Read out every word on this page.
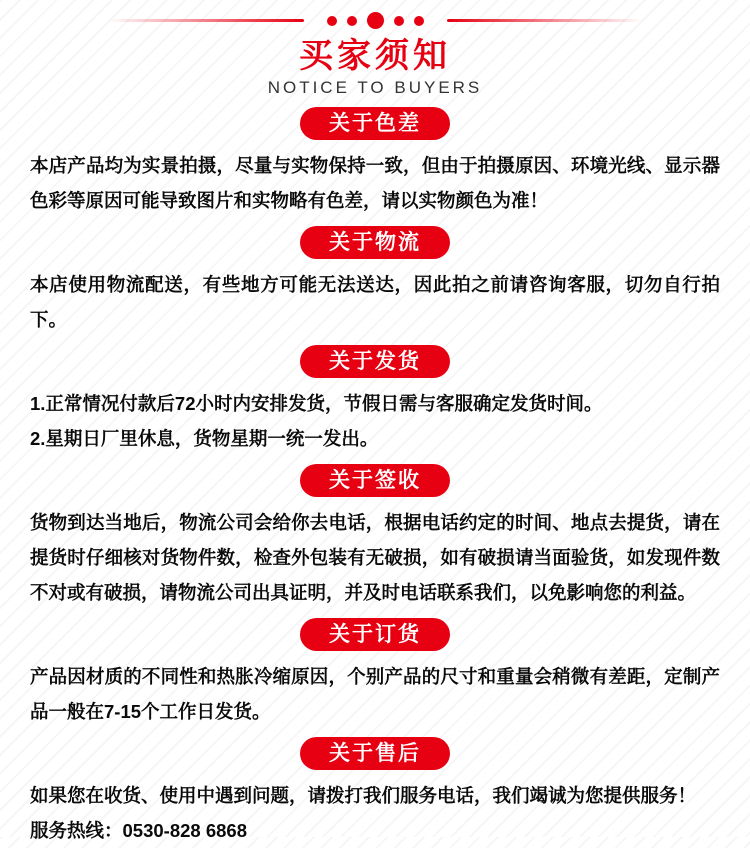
买家须知
NOTICE TO BUYERS
关于色差

本店产品均为实景拍摄，尽量与实物保持一致，但由于拍摄原因、环境光线、显示器色彩等原因可能导致图片和实物略有色差，请以实物颜色为准！

关于物流

本店使用物流配送，有些地方可能无法送达，因此拍之前请咨询客服，切勿自行拍下。

关于发货

1.正常情况付款后72小时内安排发货，节假日需与客服确定发货时间。

2.星期日厂里休息，货物星期一统一发出。

关于签收

货物到达当地后，物流公司会给你去电话，根据电话约定的时间、地点去提货，请在提货时仔细核对货物件数，检查外包装有无破损，如有破损请当面验货，如发现件数不对或有破损，请物流公司出具证明，并及时电话联系我们，以免影响您的利益。

关于订货

产品因材质的不同性和热胀冷缩原因，个别产品的尺寸和重量会稍微有差距，定制产品一般在7-15个工作日发货。

关于售后

如果您在收货、使用中遇到问题，请拨打我们服务电话，我们竭诚为您提供服务！

服务热线：0530-828 6868
